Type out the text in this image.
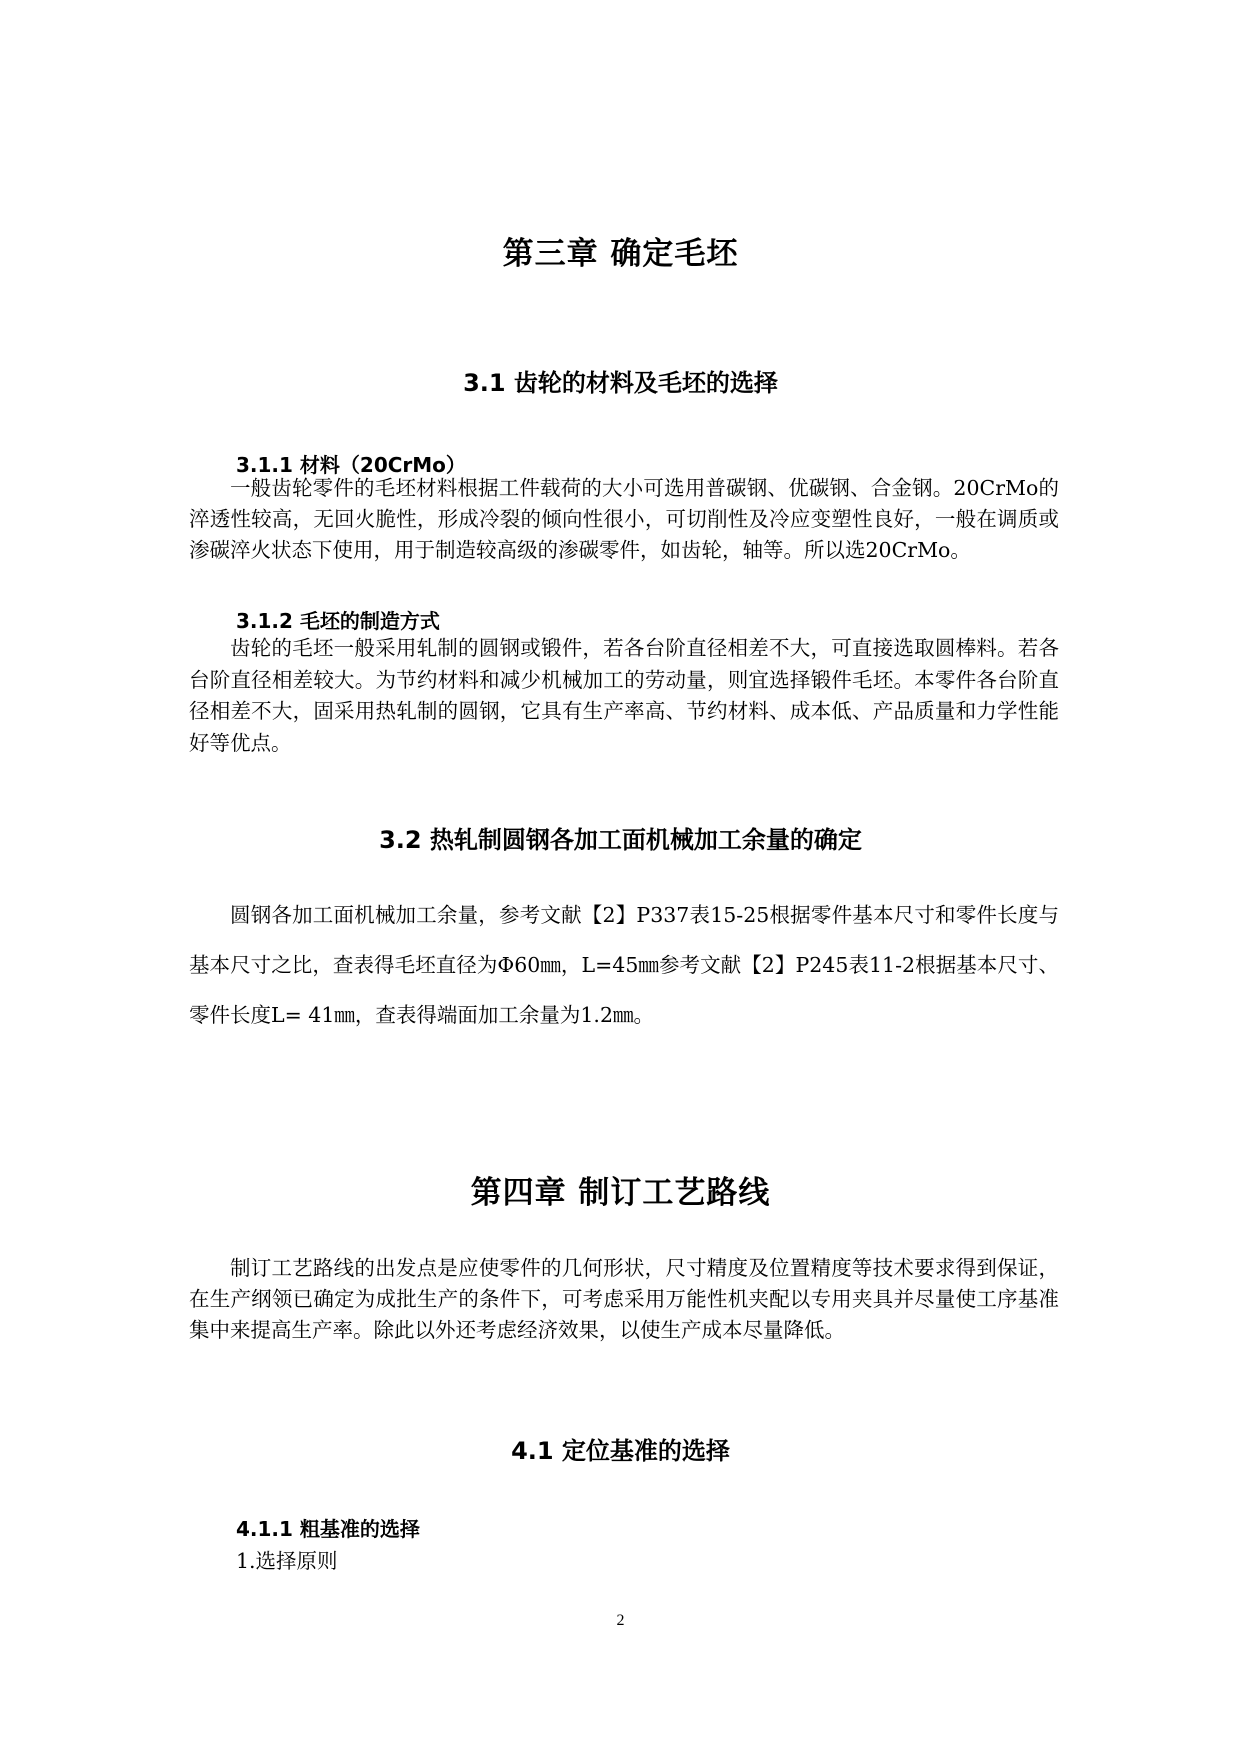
第三章 确定毛坯
3.1 齿轮的材料及毛坯的选择
3.1.1 材料（20CrMo）

一般齿轮零件的毛坯材料根据工件载荷的大小可选用普碳钢、优碳钢、合金钢。20CrMo的淬透性较高，无回火脆性，形成冷裂的倾向性很小，可切削性及冷应变塑性良好，一般在调质或渗碳淬火状态下使用，用于制造较高级的渗碳零件，如齿轮，轴等。所以选20CrMo。

3.1.2 毛坯的制造方式

齿轮的毛坯一般采用轧制的圆钢或锻件，若各台阶直径相差不大，可直接选取圆棒料。若各台阶直径相差较大。为节约材料和减少机械加工的劳动量，则宜选择锻件毛坯。本零件各台阶直径相差不大，固采用热轧制的圆钢，它具有生产率高、节约材料、成本低、产品质量和力学性能好等优点。

3.2 热轧制圆钢各加工面机械加工余量的确定

圆钢各加工面机械加工余量，参考文献【2】P337表15-25根据零件基本尺寸和零件长度与基本尺寸之比，查表得毛坯直径为Φ60㎜，L=45㎜参考文献【2】P245表11-2根据基本尺寸、零件长度L= 41㎜，查表得端面加工余量为1.2㎜。

第四章 制订工艺路线

制订工艺路线的出发点是应使零件的几何形状，尺寸精度及位置精度等技术要求得到保证，在生产纲领已确定为成批生产的条件下，可考虑采用万能性机夹配以专用夹具并尽量使工序基准集中来提高生产率。除此以外还考虑经济效果，以使生产成本尽量降低。

4.1 定位基准的选择
4.1.1 粗基准的选择

1.选择原则

2
